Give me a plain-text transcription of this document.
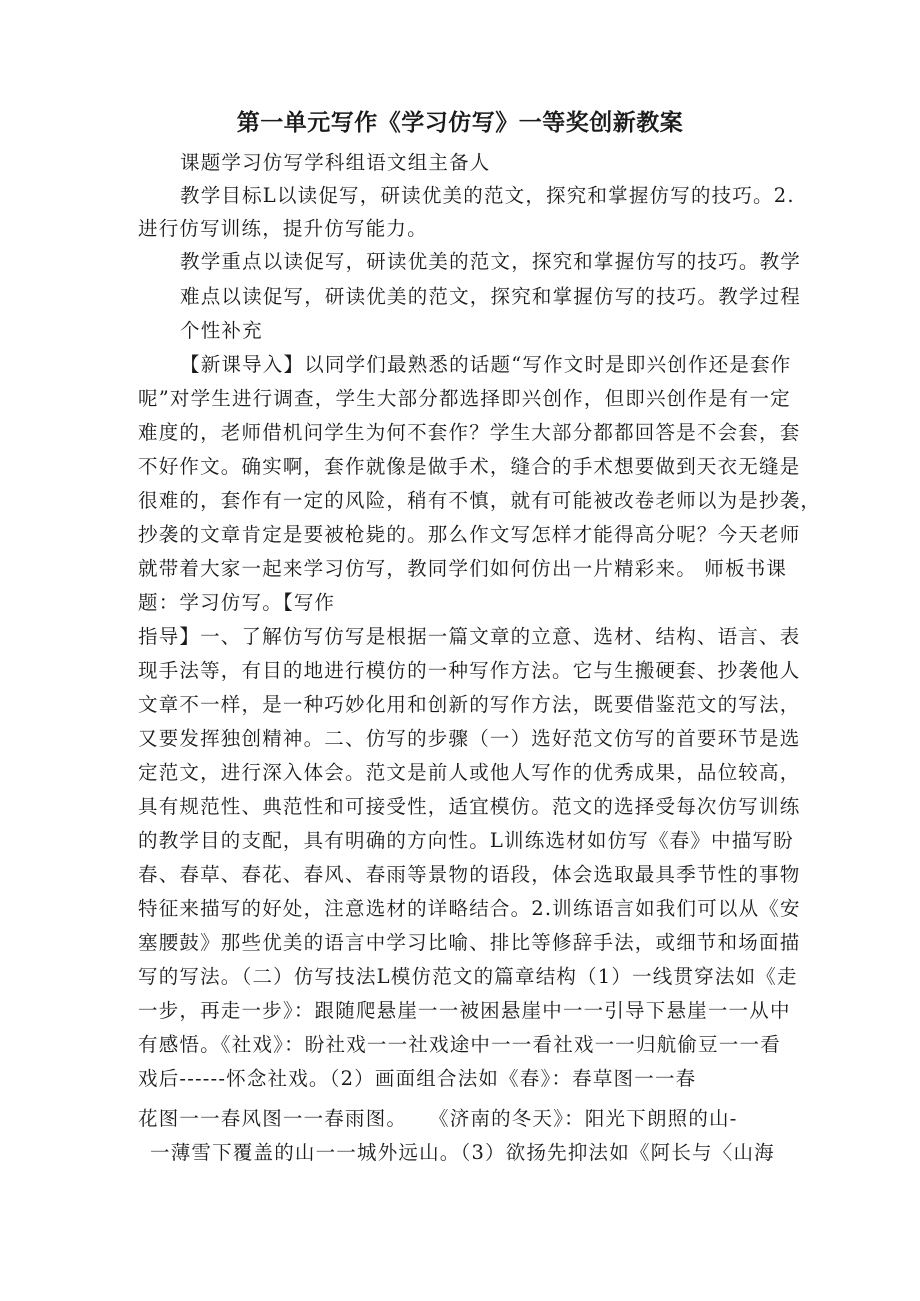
第一单元写作《学习仿写》一等奖创新教案
课题学习仿写学科组语文组主备人
教学目标L以读促写，研读优美的范文，探究和掌握仿写的技巧。2.
进行仿写训练，提升仿写能力。
教学重点以读促写，研读优美的范文，探究和掌握仿写的技巧。教学
难点以读促写，研读优美的范文，探究和掌握仿写的技巧。教学过程
个性补充
【新课导入】以同学们最熟悉的话题“写作文时是即兴创作还是套作
呢”对学生进行调查，学生大部分都选择即兴创作，但即兴创作是有一定
难度的，老师借机问学生为何不套作？学生大部分都都回答是不会套，套
不好作文。确实啊，套作就像是做手术，缝合的手术想要做到天衣无缝是
很难的，套作有一定的风险，稍有不慎，就有可能被改卷老师以为是抄袭，
抄袭的文章肯定是要被枪毙的。那么作文写怎样才能得高分呢？今天老师
就带着大家一起来学习仿写，教同学们如何仿出一片精彩来。 师板书课
题：学习仿写。【写作
指导】一、了解仿写仿写是根据一篇文章的立意、选材、结构、语言、表
现手法等，有目的地进行模仿的一种写作方法。它与生搬硬套、抄袭他人
文章不一样，是一种巧妙化用和创新的写作方法，既要借鉴范文的写法，
又要发挥独创精神。二、仿写的步骤（一）选好范文仿写的首要环节是选
定范文，进行深入体会。范文是前人或他人写作的优秀成果，品位较高，
具有规范性、典范性和可接受性，适宜模仿。范文的选择受每次仿写训练
的教学目的支配，具有明确的方向性。L训练选材如仿写《春》中描写盼
春、春草、春花、春风、春雨等景物的语段，体会选取最具季节性的事物
特征来描写的好处，注意选材的详略结合。2.训练语言如我们可以从《安
塞腰鼓》那些优美的语言中学习比喻、排比等修辞手法，或细节和场面描
写的写法。（二）仿写技法L模仿范文的篇章结构（1）一线贯穿法如《走
一步，再走一步》：跟随爬悬崖一一被困悬崖中一一引导下悬崖一一从中
有感悟。《社戏》：盼社戏一一社戏途中一一看社戏一一归航偷豆一一看
戏后------怀念社戏。（2）画面组合法如《春》：春草图一一春
花图一一春风图一一春雨图。　　《济南的冬天》：阳光下朗照的山-
一薄雪下覆盖的山一一城外远山。（3）欲扬先抑法如《阿长与〈山海
